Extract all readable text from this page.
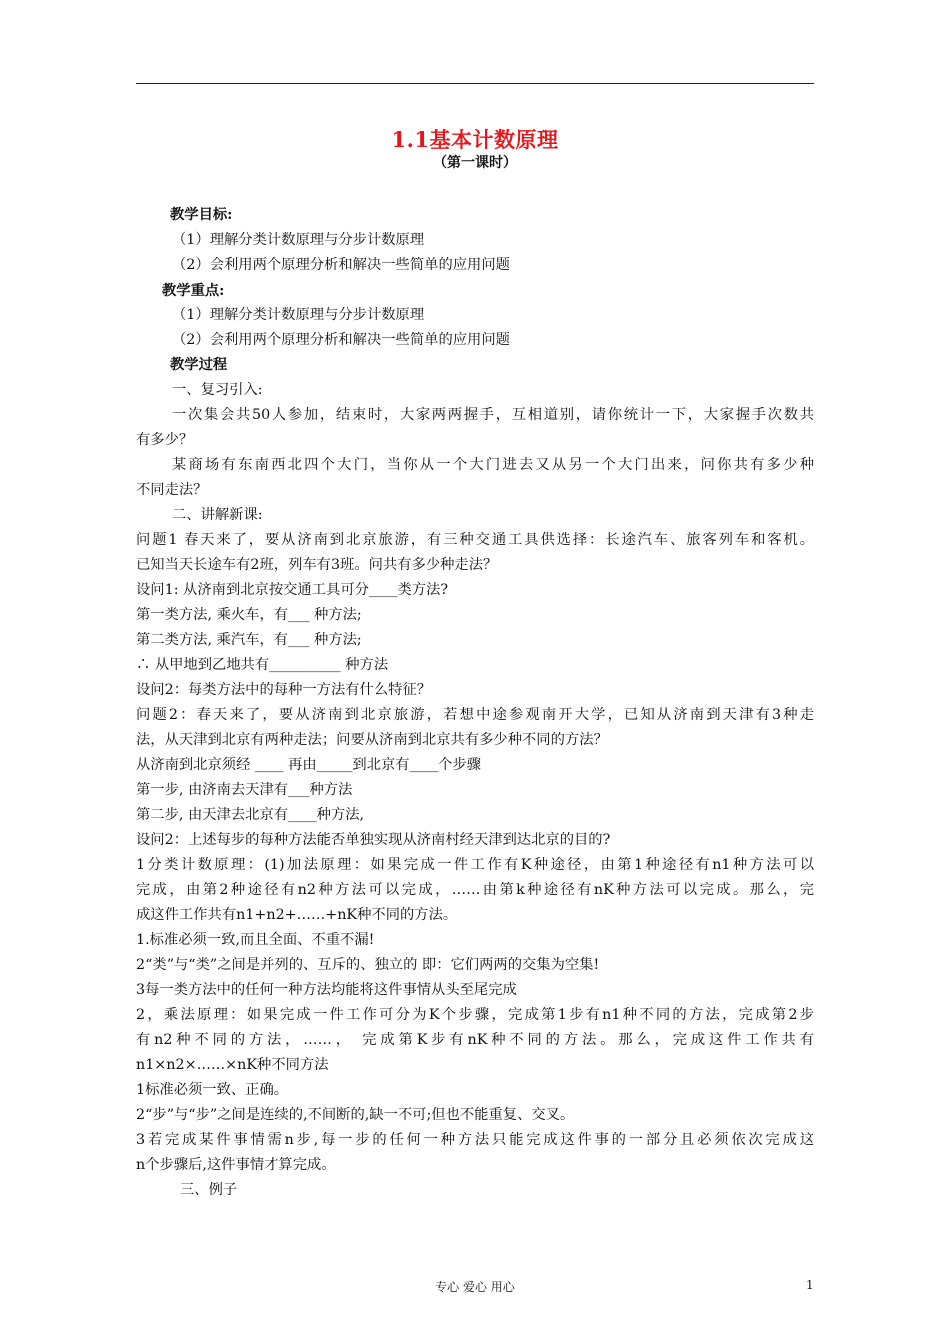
1.1基本计数原理
（第一课时）
教学目标:
（1）理解分类计数原理与分步计数原理
（2）会利用两个原理分析和解决一些简单的应用问题
教学重点:
（1）理解分类计数原理与分步计数原理
（2）会利用两个原理分析和解决一些简单的应用问题
教学过程
一、复习引入:
一次集会共50人参加，结束时，大家两两握手，互相道别，请你统计一下，大家握手次数共
有多少？
某商场有东南西北四个大门，当你从一个大门进去又从另一个大门出来，问你共有多少种
不同走法？
二、讲解新课:
问题1 春天来了，要从济南到北京旅游，有三种交通工具供选择：长途汽车、旅客列车和客机。
已知当天长途车有2班，列车有3班。问共有多少种走法？
设问1: 从济南到北京按交通工具可分____类方法?
第一类方法, 乘火车，有___ 种方法;
第二类方法, 乘汽车，有___ 种方法;
∴ 从甲地到乙地共有__________ 种方法
设问2：每类方法中的每种一方法有什么特征？
问题2：春天来了，要从济南到北京旅游，若想中途参观南开大学，已知从济南到天津有3种走
法，从天津到北京有两种走法；问要从济南到北京共有多少种不同的方法？
从济南到北京须经 ____ 再由_____到北京有____个步骤
第一步, 由济南去天津有___种方法
第二步, 由天津去北京有____种方法,
设问2：上述每步的每种方法能否单独实现从济南村经天津到达北京的目的?
1分类计数原理：(1)加法原理：如果完成一件工作有K种途径，由第1种途径有n1种方法可以
完成，由第2种途径有n2种方法可以完成，……由第k种途径有nK种方法可以完成。那么，完
成这件工作共有n1+n2+……+nK种不同的方法。
1.标准必须一致,而且全面、不重不漏!
2“类”与“类”之间是并列的、互斥的、独立的 即：它们两两的交集为空集!
3每一类方法中的任何一种方法均能将这件事情从头至尾完成
2，乘法原理：如果完成一件工作可分为K个步骤，完成第1步有n1种不同的方法，完成第2步
有n2种不同的方法，……， 完成第K步有nK种不同的方法。那么，完成这件工作共有
n1×n2×……×nK种不同方法
1标准必须一致、正确。
2“步”与“步”之间是连续的,不间断的,缺一不可;但也不能重复、交叉。
3若完成某件事情需n步,每一步的任何一种方法只能完成这件事的一部分且必须依次完成这
n个步骤后,这件事情才算完成。
三、例子
专心 爱心 用心	1
